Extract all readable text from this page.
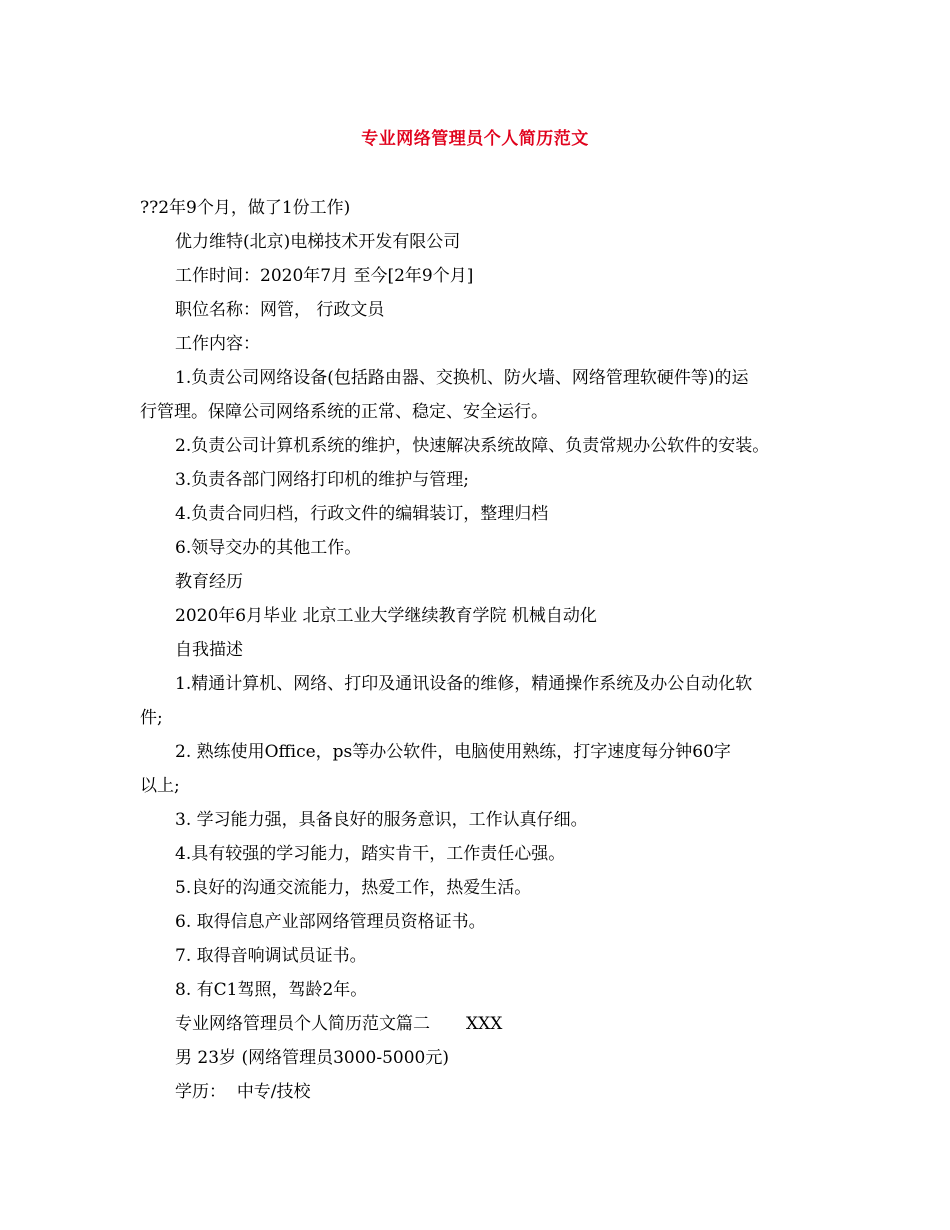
专业网络管理员个人简历范文
??2年9个月，做了1份工作)
优力维特(北京)电梯技术开发有限公司
工作时间：2020年7月 至今[2年9个月]
职位名称：网管， 行政文员
工作内容：
1.负责公司网络设备(包括路由器、交换机、防火墙、网络管理软硬件等)的运
行管理。保障公司网络系统的正常、稳定、安全运行。
2.负责公司计算机系统的维护，快速解决系统故障、负责常规办公软件的安装。
3.负责各部门网络打印机的维护与管理;
4.负责合同归档，行政文件的编辑装订，整理归档
6.领导交办的其他工作。
教育经历
2020年6月毕业 北京工业大学继续教育学院 机械自动化
自我描述
1.精通计算机、网络、打印及通讯设备的维修，精通操作系统及办公自动化软
件;
2. 熟练使用Office，ps等办公软件，电脑使用熟练，打字速度每分钟60字
以上;
3. 学习能力强，具备良好的服务意识，工作认真仔细。
4.具有较强的学习能力，踏实肯干，工作责任心强。
5.良好的沟通交流能力，热爱工作，热爱生活。
6. 取得信息产业部网络管理员资格证书。
7. 取得音响调试员证书。
8. 有C1驾照，驾龄2年。
专业网络管理员个人简历范文篇二 XXX
男 23岁 (网络管理员3000-5000元)
学历： 中专/技校
